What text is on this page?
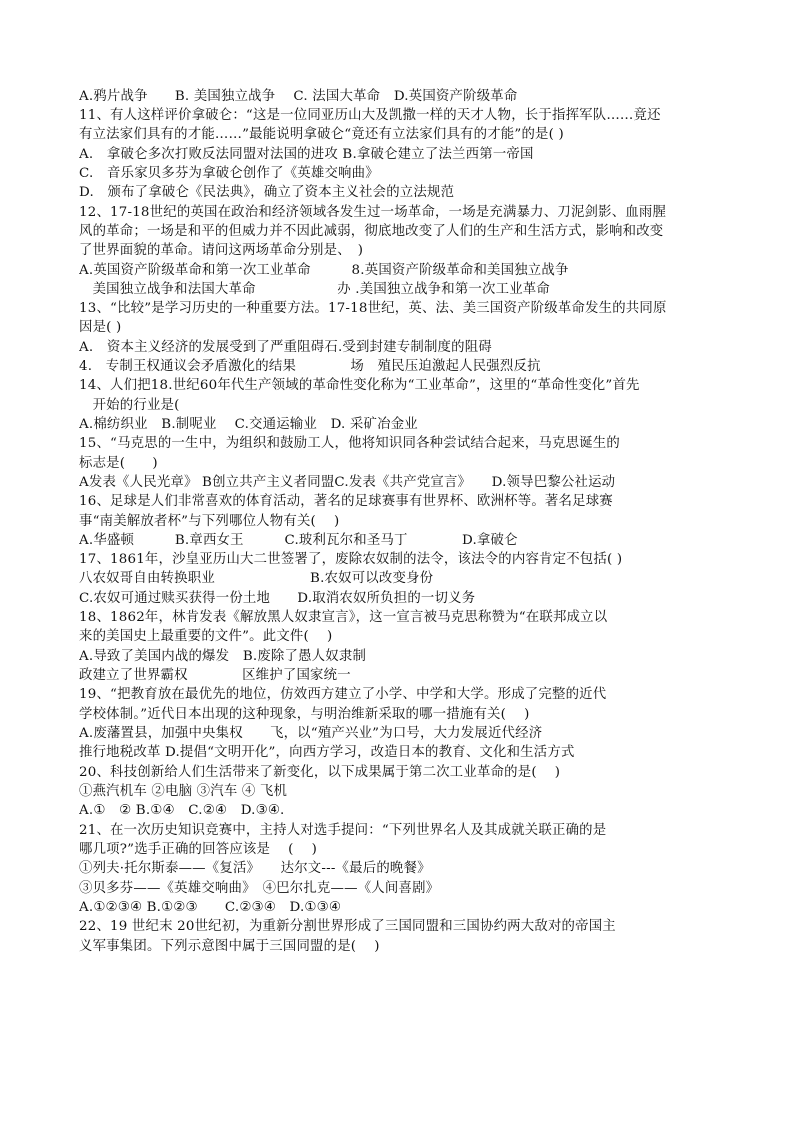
A.鸦片战争　　B. 美国独立战争　 C. 法国大革命　D.英国资产阶级革命
11、有人这样评价拿破仑：“这是一位同亚历山大及凯撒一样的天才人物，长于指挥军队……竟还
有立法家们具有的才能……”最能说明拿破仑“竟还有立法家们具有的才能”的是( )
A.　拿破仑多次打败反法同盟对法国的进攻 B.拿破仑建立了法兰西第一帝国
C.　音乐家贝多芬为拿破仑创作了《英雄交响曲》
D.　颁布了拿破仑《民法典》，确立了资本主义社会的立法规范
12、17-18世纪的英国在政治和经济领域各发生过一场革命，一场是充满暴力、刀泥剑影、血雨腥
风的革命；一场是和平的但威力并不因此减弱，彻底地改变了人们的生产和生活方式，影响和改变
了世界面貌的革命。请问这两场革命分别是、　)
A.英国资产阶级革命和第一次工业革命　　　8.英国资产阶级革命和美国独立战争
　美国独立战争和法国大革命　　　　　　办 .美国独立战争和第一次工业革命
13、“比较”是学习历史的一种重要方法。17-18世纪，英、法、美三国资产阶级革命发生的共同原
因是( )
A.　资本主义经济的发展受到了严重阻碍石.受到封建专制制度的阻碍
4.　专制王权通议会矛盾激化的结果　　　　场　殖民压迫激起人民强烈反抗
14、人们把18.世纪60年代生产领域的革命性变化称为“工业革命”，这里的“革命性变化”首先
　开始的行业是(
A.棉纺织业　B.制呢业　 C.交通运输业　D. 采矿冶金业
15、“马克思的一生中，为组织和鼓励工人，他将知识同各种尝试结合起来，马克思诞生的
标志是(　　)
A发表《人民光章》 B创立共产主义者同盟C.发表《共产党宣言》　　D.领导巴黎公社运动
16、足球是人们非常喜欢的体育活动，著名的足球赛事有世界杯、欧洲杯等。著名足球赛
事“南美解放者杯”与下列哪位人物有关(　 )
A.华盛顿　　　B.章西女王　　　C.玻利瓦尔和圣马丁　　　　D.拿破仑
17、1861年，沙皇亚历山大二世签署了，废除农奴制的法令，该法令的内容肯定不包括( )
八农奴哥自由转换职业　　　　　　　B.农奴可以改变身份
C.农奴可通过赎买获得一份土地　　D.取消农奴所负担的一切义务
18、1862年，林肯发表《解放黑人奴隶宣言》，这一宣言被马克思称赞为“在联邦成立以
来的美国史上最重要的文件”。此文件(　 )
A.导致了美国内战的爆发　B.废除了愚人奴隶制
政建立了世界霸权　　　　区维护了国家统一
19、“把教育放在最优先的地位，仿效西方建立了小学、中学和大学。形成了完整的近代
学校体制。”近代日本出现的这种现象，与明治维新采取的哪一措施有关(　 )
A.废藩置县，加强中央集权　　飞，以“殖产兴业”为口号，大力发展近代经济
推行地税改革 D.提倡“文明开化”，向西方学习，改造日本的教育、文化和生活方式
20、科技创新给人们生活带来了新变化，以下成果属于第二次工业革命的是(　 )
①燕汽机车 ②电脑 ③汽车 ④ 飞机
A.①　② B.①④　C.②④　D.③④.
21、在一次历史知识竞赛中，主持人对选手提问：“下列世界名人及其成就关联正确的是
哪几项?”选手正确的回答应该是　 (　 )
①列夫·托尔斯泰——《复活》　　达尔文---《最后的晚餐》
③贝多芬——《英雄交响曲》　④巴尔扎克——《人间喜剧》
A.①②③④ B.①②③　　C.②③④　D.①③④
22、19 世纪末 20世纪初，为重新分割世界形成了三国同盟和三国协约两大敌对的帝国主
义军事集团。下列示意图中属于三国同盟的是(　 )
